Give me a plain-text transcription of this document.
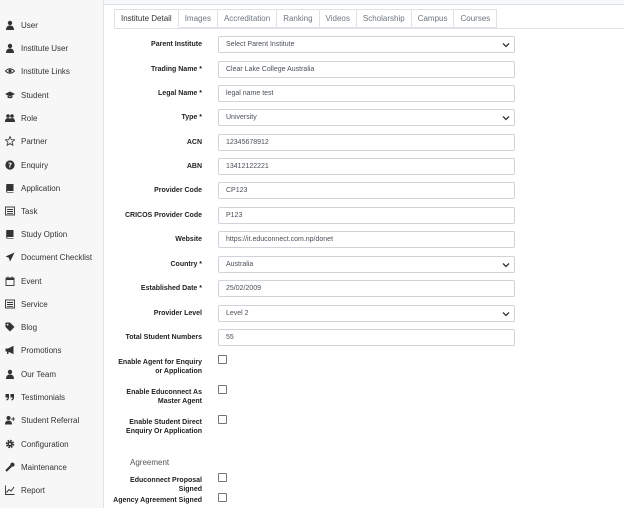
User
Institute User
Institute Links
Student
Role
Partner
? Enquiry
Application
Task
Study Option
Document Checklist
Event
Service
Blog
Promotions
Our Team
Testimonials
Student Referral
Configuration
Maintenance
Report
Institute Detail	Images	Accreditation	Ranking	Videos	Scholarship	Campus	Courses
Parent Institute	Select Parent Institute
Trading Name *	Clear Lake College Australia
Legal Name *	legal name test
Type *	University
ACN	12345678912
ABN	13412122221
Provider Code	CP123
CRICOS Provider Code	P123
Website	https://it.educonnect.com.np/donet
Country *	Australia
Established Date *	25/02/2009
Provider Level	Level 2
Total Student Numbers	55
Enable Agent for Enquiry or Application
Enable Educonnect As Master Agent
Enable Student Direct Enquiry Or Application
Agreement
Educonnect Proposal Signed
Agency Agreement Signed
